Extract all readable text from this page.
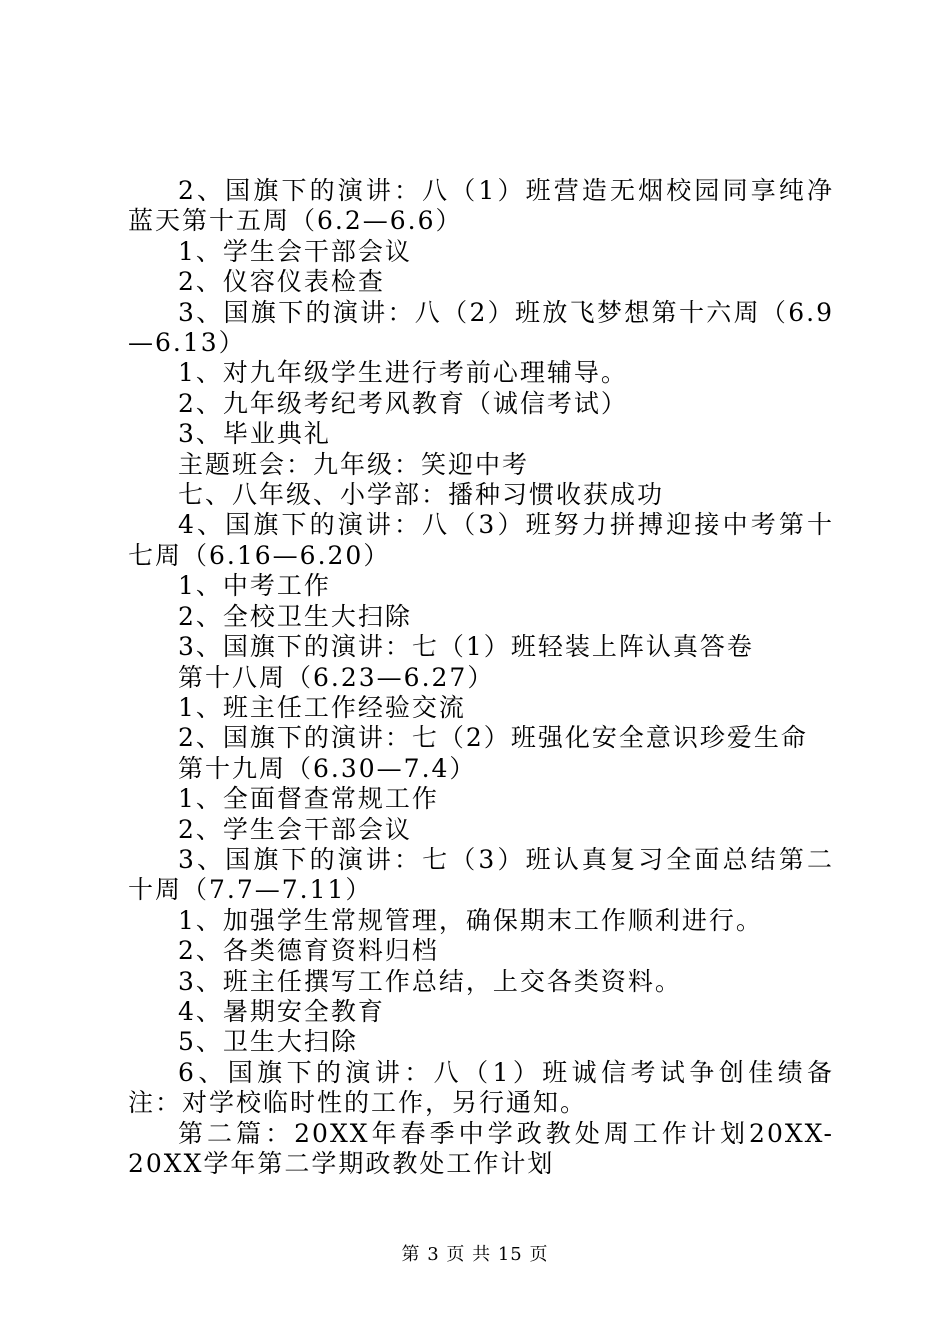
2、国旗下的演讲：八（1）班营造无烟校园同享纯净蓝天第十五周（6.2—6.6）

1、学生会干部会议

2、仪容仪表检查

3、国旗下的演讲：八（2）班放飞梦想第十六周（6.9—6.13）

1、对九年级学生进行考前心理辅导。

2、九年级考纪考风教育（诚信考试）

3、毕业典礼

主题班会：九年级：笑迎中考

七、八年级、小学部：播种习惯收获成功

4、国旗下的演讲：八（3）班努力拼搏迎接中考第十七周（6.16—6.20）

1、中考工作

2、全校卫生大扫除

3、国旗下的演讲：七（1）班轻装上阵认真答卷

第十八周（6.23—6.27）

1、班主任工作经验交流

2、国旗下的演讲：七（2）班强化安全意识珍爱生命

第十九周（6.30—7.4）

1、全面督查常规工作

2、学生会干部会议

3、国旗下的演讲：七（3）班认真复习全面总结第二十周（7.7—7.11）

1、加强学生常规管理，确保期末工作顺利进行。

2、各类德育资料归档

3、班主任撰写工作总结，上交各类资料。

4、暑期安全教育

5、卫生大扫除

6、国旗下的演讲：八（1）班诚信考试争创佳绩备注：对学校临时性的工作，另行通知。

第二篇：20XX年春季中学政教处周工作计划20XX-20XX学年第二学期政教处工作计划

第 3 页 共 15 页
